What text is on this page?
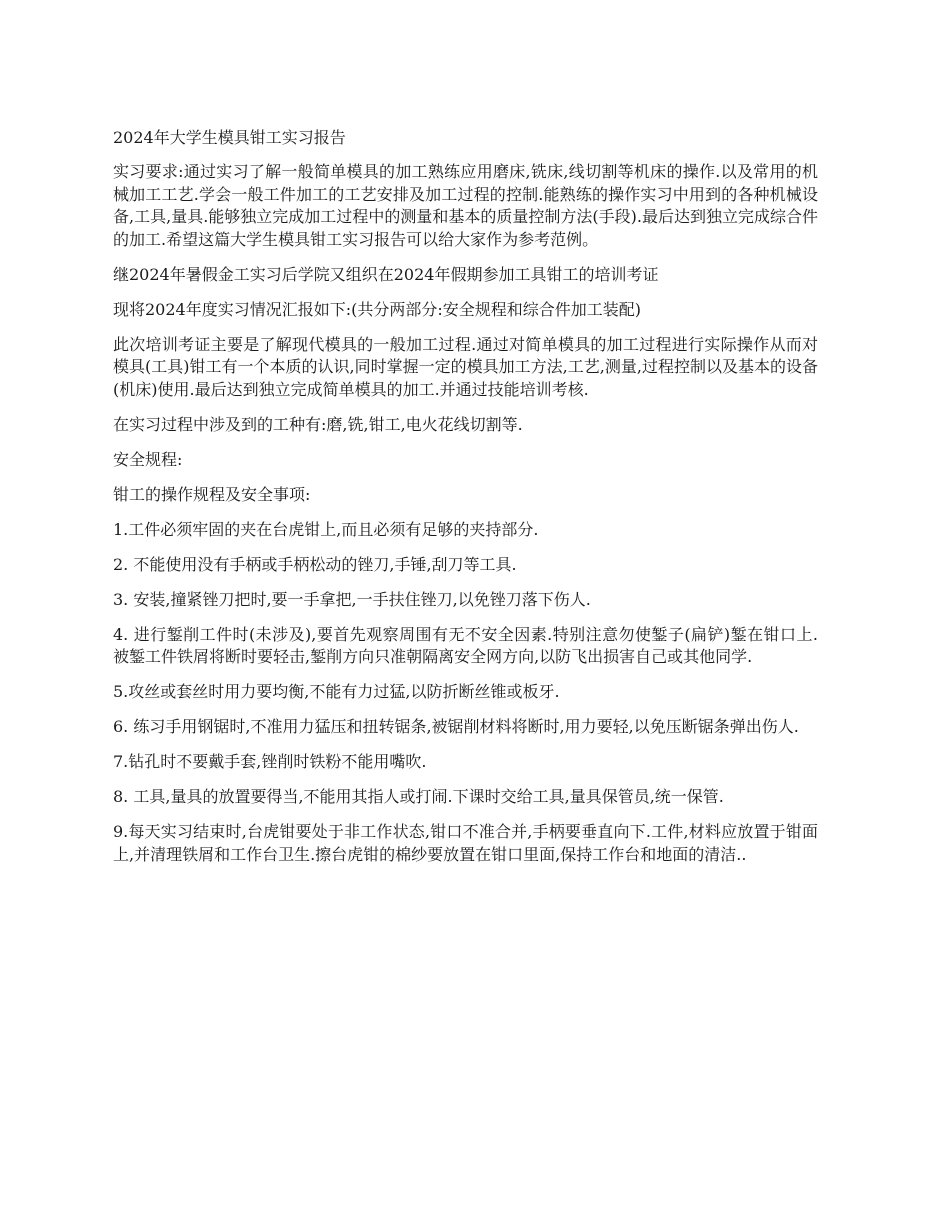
2024年大学生模具钳工实习报告

实习要求:通过实习了解一般简单模具的加工熟练应用磨床,铣床,线切割等机床的操作.以及常用的机械加工工艺.学会一般工件加工的工艺安排及加工过程的控制.能熟练的操作实习中用到的各种机械设备,工具,量具.能够独立完成加工过程中的测量和基本的质量控制方法(手段).最后达到独立完成综合件的加工.希望这篇大学生模具钳工实习报告可以给大家作为参考范例。

继2024年暑假金工实习后学院又组织在2024年假期参加工具钳工的培训考证

现将2024年度实习情况汇报如下:(共分两部分:安全规程和综合件加工装配)

此次培训考证主要是了解现代模具的一般加工过程.通过对简单模具的加工过程进行实际操作从而对模具(工具)钳工有一个本质的认识,同时掌握一定的模具加工方法,工艺,测量,过程控制以及基本的设备(机床)使用.最后达到独立完成简单模具的加工.并通过技能培训考核.

在实习过程中涉及到的工种有:磨,铣,钳工,电火花线切割等.

安全规程:

钳工的操作规程及安全事项:

1.工件必须牢固的夹在台虎钳上,而且必须有足够的夹持部分.

2. 不能使用没有手柄或手柄松动的锉刀,手锤,刮刀等工具.

3. 安装,撞紧锉刀把时,要一手拿把,一手扶住锉刀,以免锉刀落下伤人.

4. 进行錾削工件时(未涉及),要首先观察周围有无不安全因素.特别注意勿使錾子(扁铲)錾在钳口上. 被錾工件铁屑将断时要轻击,錾削方向只准朝隔离安全网方向,以防飞出损害自己或其他同学.

5.攻丝或套丝时用力要均衡,不能有力过猛,以防折断丝锥或板牙.

6. 练习手用钢锯时,不准用力猛压和扭转锯条,被锯削材料将断时,用力要轻,以免压断锯条弹出伤人.

7.钻孔时不要戴手套,锉削时铁粉不能用嘴吹.

8. 工具,量具的放置要得当,不能用其指人或打闹.下课时交给工具,量具保管员,统一保管.

9.每天实习结束时,台虎钳要处于非工作状态,钳口不准合并,手柄要垂直向下.工件,材料应放置于钳面上,并清理铁屑和工作台卫生.擦台虎钳的棉纱要放置在钳口里面,保持工作台和地面的清洁..
